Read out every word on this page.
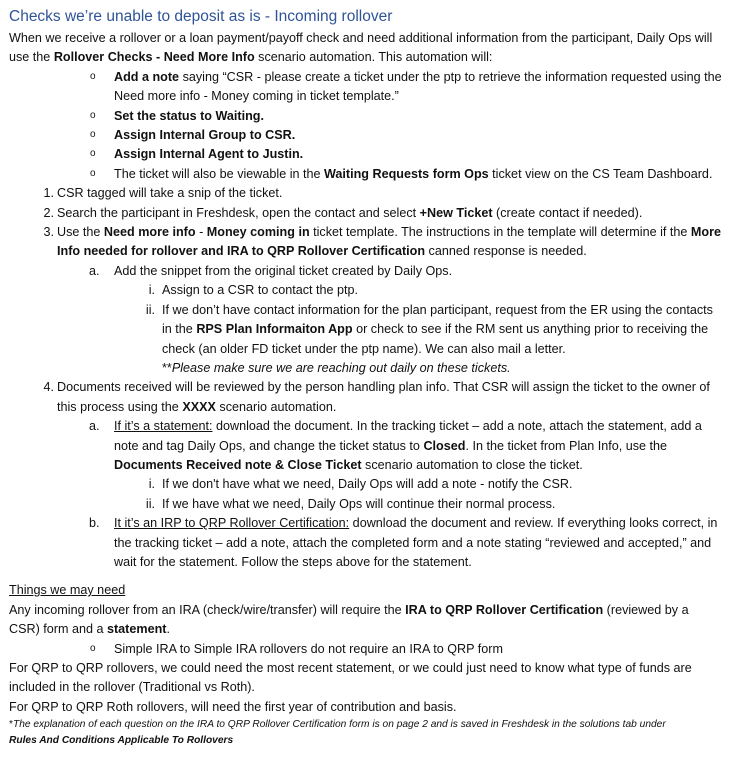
Checks we’re unable to deposit as is - Incoming rollover

When we receive a rollover or a loan payment/payoff check and need additional information from the participant, Daily Ops will use the Rollover Checks - Need More Info scenario automation. This automation will:

o Add a note saying “CSR - please create a ticket under the ptp to retrieve the information requested using the Need more info - Money coming in ticket template.”
o Set the status to Waiting.
o Assign Internal Group to CSR.
o Assign Internal Agent to Justin.
o The ticket will also be viewable in the Waiting Requests form Ops ticket view on the CS Team Dashboard.
1 . CSR tagged will take a snip of the ticket.
2 . Search the participant in Freshdesk, open the contact and select +New Ticket (create contact if needed).
3 . Use the Need more info - Money coming in ticket template. The instructions in the template will determine if the More Info needed for rollover and IRA to QRP Rollover Certification canned response is needed.
a . Add the snippet from the original ticket created by Daily Ops.
i . Assign to a CSR to contact the ptp.
ii . If we don’t have contact information for the plan participant, request from the ER using the contacts in the RPS Plan Informaiton App or check to see if the RM sent us anything prior to receiving the check (an older FD ticket under the ptp name). We can also mail a letter.
**Please make sure we are reaching out daily on these tickets.
4 . Documents received will be reviewed by the person handling plan info. That CSR will assign the ticket to the owner of this process using the XXXX scenario automation.
a . If it’s a statement: download the document. In the tracking ticket – add a note, attach the statement, add a note and tag Daily Ops, and change the ticket status to Closed. In the ticket from Plan Info, use the Documents Received note & Close Ticket scenario automation to close the ticket.
i . If we don't have what we need, Daily Ops will add a note - notify the CSR.
ii . If we have what we need, Daily Ops will continue their normal process.
b . It it’s an IRP to QRP Rollover Certification: download the document and review. If everything looks correct, in the tracking ticket – add a note, attach the completed form and a note stating “reviewed and accepted,” and wait for the statement. Follow the steps above for the statement.

Things we may need

Any incoming rollover from an IRA (check/wire/transfer) will require the IRA to QRP Rollover Certification (reviewed by a CSR) form and a statement.

o Simple IRA to Simple IRA rollovers do not require an IRA to QRP form

For QRP to QRP rollovers, we could need the most recent statement, or we could just need to know what type of funds are included in the rollover (Traditional vs Roth).

For QRP to QRP Roth rollovers, will need the first year of contribution and basis.

*The explanation of each question on the IRA to QRP Rollover Certification form is on page 2 and is saved in Freshdesk in the solutions tab under
Rules And Conditions Applicable To Rollovers
